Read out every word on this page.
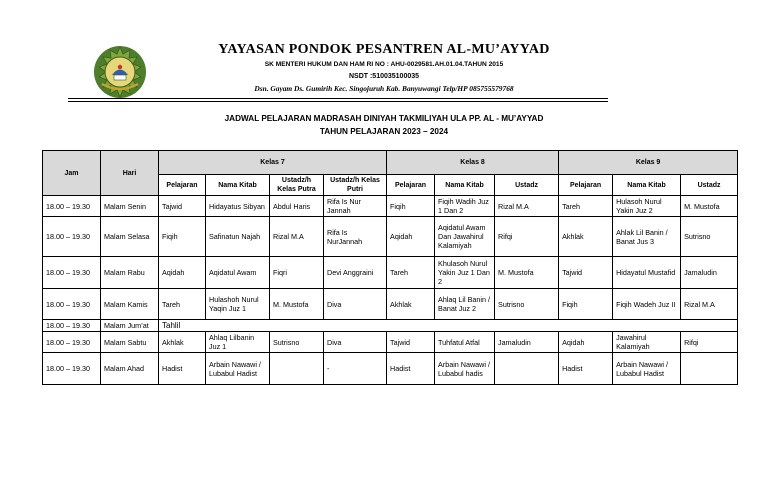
YAYASAN PONDOK PESANTREN AL-MU’AYYAD
SK MENTERI HUKUM DAN HAM RI NO : AHU-0029581.AH.01.04.TAHUN 2015
NSDT :510035100035
Dsn. Gayam Ds. Gumirih Kec. Singojuruh Kab. Banyuwangi Telp/HP 085755579768
JADWAL PELAJARAN MADRASAH DINIYAH TAKMILIYAH ULA PP. AL - MU’AYYAD
TAHUN PELAJARAN 2023 – 2024
Jam	Hari	Kelas 7				Kelas 8			Kelas 9		
		Pelajaran	Nama Kitab	Ustadz/h Kelas Putra	Ustadz/h Kelas Putri	Pelajaran	Nama Kitab	Ustadz	Pelajaran	Nama Kitab	Ustadz
18.00 – 19.30	Malam Senin	Tajwid	Hidayatus Sibyan	Abdul Haris	Rifa Is Nur Jannah	Fiqih	Fiqih Wadih Juz 1 Dan 2	Rizal M.A	Tareh	Hulasoh Nurul Yakin Juz 2	M. Mustofa
18.00 – 19.30	Malam Selasa	Fiqih	Safinatun Najah	Rizal M.A	Rifa Is NurJannah	Aqidah	Aqidatul Awam Dan Jawahirul Kalamiyah	Rifqi	Akhlak	Ahlak Lil Banin / Banat Jus 3	Sutrisno
18.00 – 19.30	Malam Rabu	Aqidah	Aqidatul Awam	Fiqri	Devi Anggraini	Tareh	Khulasoh Nurul Yakin Juz 1 Dan 2	M. Mustofa	Tajwid	Hidayatul Mustafid	Jamaludin
18.00 – 19.30	Malam Kamis	Tareh	Hulashoh Nurul Yaqin Juz 1	M. Mustofa	Diva	Akhlak	Ahlaq Lil Banin / Banat Juz 2	Sutrisno	Fiqih	Fiqih Wadeh Juz II	Rizal M.A
18.00 – 19.30	Malam Jum’at	Tahlil									
18.00 – 19.30	Malam Sabtu	Akhlak	Ahlaq Lilbanin Juz 1	Sutrisno	Diva	Tajwid	Tuhfatul Atfal	Jamaludin	Aqidah	Jawahirul Kalamiyah	Rifqi
18.00 – 19.30	Malam Ahad	Hadist	Arbain Nawawi / Lubabul Hadist		-	Hadist	Arbain Nawawi / Lubabul hadis		Hadist	Arbain Nawawi / Lubabul Hadist	
